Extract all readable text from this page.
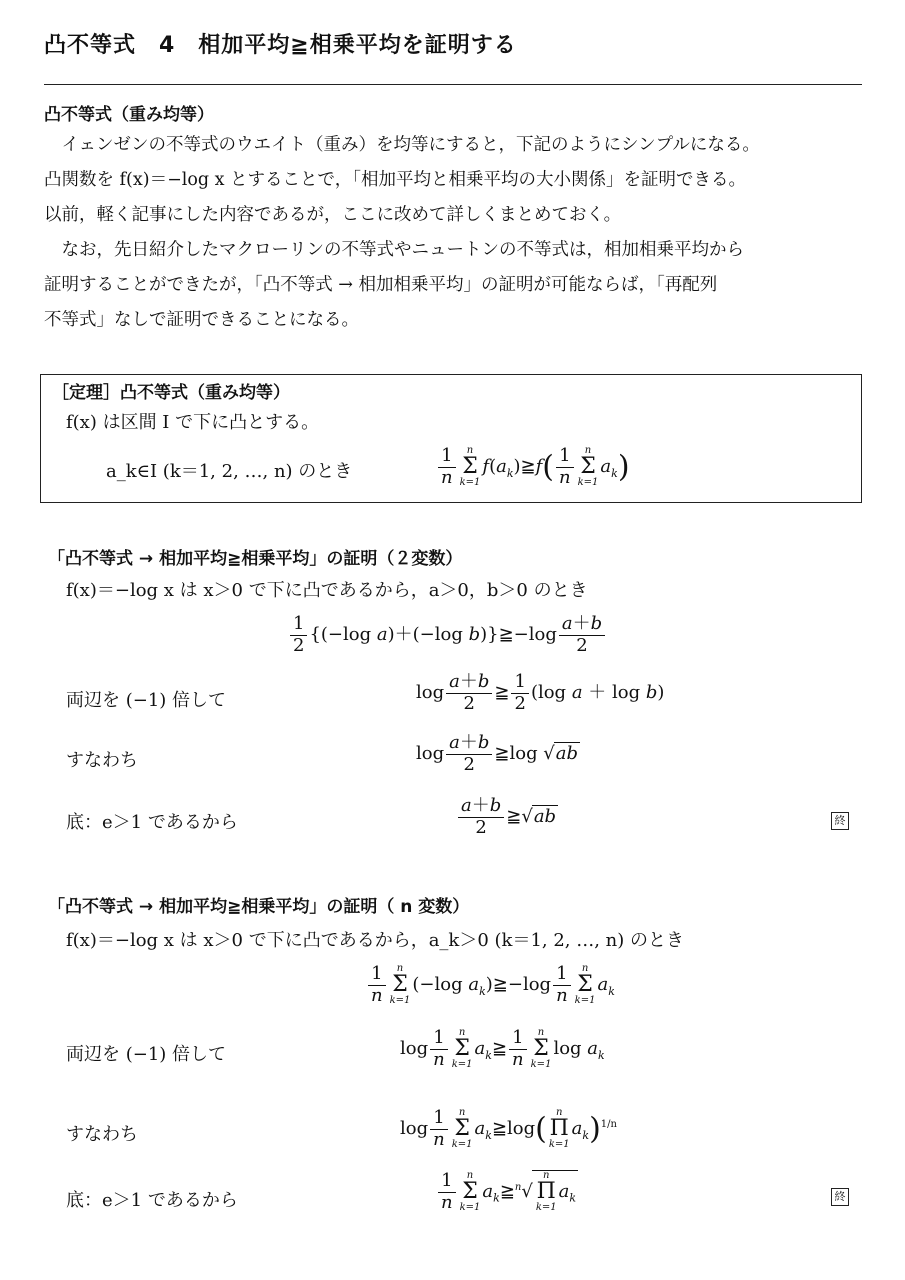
凸不等式　4　相加平均≧相乗平均を証明する
凸不等式（重み均等）
　イェンゼンの不等式のウエイト（重み）を均等にすると，下記のようにシンプルになる。
凸関数を f(x)＝−log x とすることで，「相加平均と相乗平均の大小関係」を証明できる。
以前，軽く記事にした内容であるが，ここに改めて詳しくまとめておく。
　なお，先日紹介したマクローリンの不等式やニュートンの不等式は，相加相乗平均から
証明することができたが，「凸不等式 → 相加相乗平均」の証明が可能ならば，「再配列
不等式」なしで証明できることになる。
［定理］凸不等式（重み均等）
f(x) は区間 I で下に凸とする。
a_k∈I (k＝1, 2, …, n) のとき	$\frac{1}{n}$ n
Σ
k=1
$f(a_k)≧f( \frac{1}{n}$ n
Σ
k=1
$a_k$)
「凸不等式 → 相加平均≧相乗平均」の証明（２変数）
f(x)＝−log x は x＞0 で下に凸であるから，a＞0，b＞0 のとき
$\frac{1}{2} \{(-\log$ a)＋(−log b)}≧−log $\frac{a+b}{2}$
両辺を (−1) 倍して	$\log \frac{a+b}{2}$ ≧ $\frac{1}{2} (\log$ a ＋ log b)
すなわち	$\log \frac{a+b}{2}$ ≧log √ab
底：e＞1 であるから	$\frac{a+b}{2}$ ≧√ab	終
「凸不等式 → 相加平均≧相乗平均」の証明（ n 変数）
f(x)＝−log x は x＞0 で下に凸であるから，a_k＞0 (k＝1, 2, …, n) のとき
$\frac{1}{n}$ n
Σ
k=1
(−log $a_k)≧-\log \frac{1}{n}$ n
Σ
k=1
$a_k$
両辺を (−1) 倍して	$\log \frac{1}{n}$ n
Σ
k=1
$a_k≧ \frac{1}{n}$ n
Σ
k=1
$\log a_k$
すなわち	$\log \frac{1}{n}$ n
Σ
k=1
$a_k≧\log$( n
Π
k=1
$a_k)^{1/n}$
底：e＞1 であるから	$\frac{1}{n}$ n
Σ
k=1
$a_k≧^n√$
n
Π
k=1
$a_k$	終
